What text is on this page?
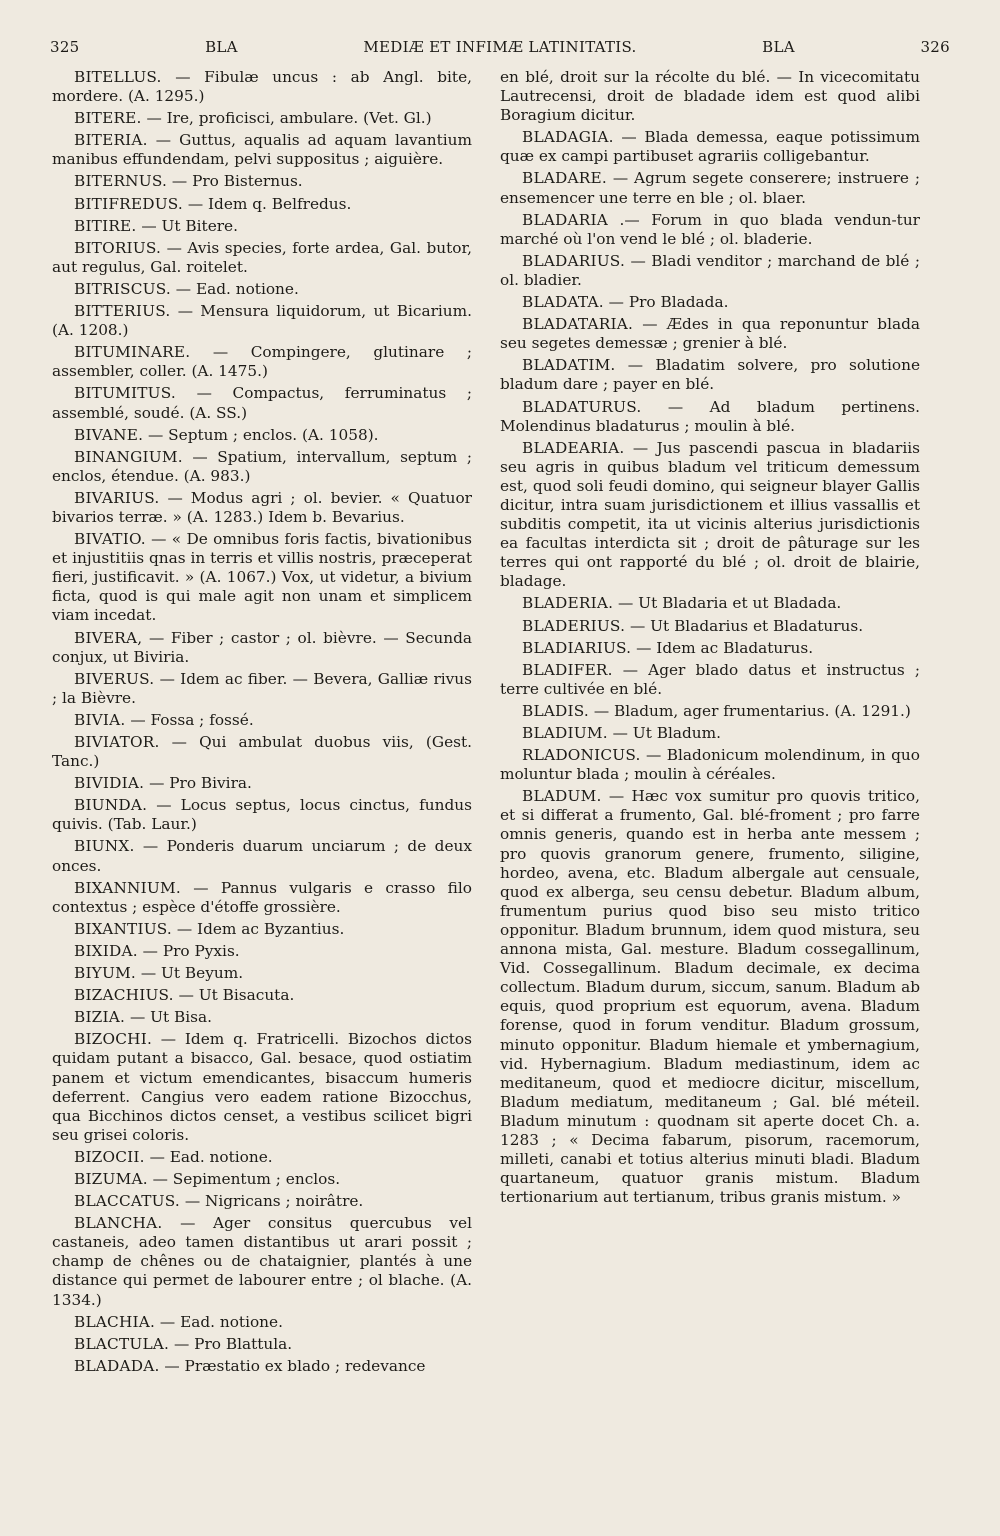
325	BLA	MEDIÆ ET INFIMÆ LATINITATIS.	BLA	326

BITELLUS. — Fibulæ uncus : ab Angl. bite, mordere. (A. 1295.)

BITERE. — Ire, proficisci, ambulare. (Vet. Gl.)

BITERIA. — Guttus, aqualis ad aquam lavantium manibus effundendam, pelvi suppositus ; aiguière.

BITERNUS. — Pro Bisternus.

BITIFREDUS. — Idem q. Belfredus.

BITIRE. — Ut Bitere.

BITORIUS. — Avis species, forte ardea, Gal. butor, aut regulus, Gal. roitelet.

BITRISCUS. — Ead. notione.

BITTERIUS. — Mensura liquidorum, ut Bicarium. (A. 1208.)

BITUMINARE. — Compingere, glutinare ; assembler, coller. (A. 1475.)

BITUMITUS. — Compactus, ferruminatus ; assemblé, soudé. (A. SS.)

BIVANE. — Septum ; enclos. (A. 1058).

BINANGIUM. — Spatium, intervallum, septum ; enclos, étendue. (A. 983.)

BIVARIUS. — Modus agri ; ol. bevier. « Quatuor bivarios terræ. » (A. 1283.) Idem b. Bevarius.

BIVATIO. — « De omnibus foris factis, bivationibus et injustitiis qnas in terris et villis nostris, præceperat fieri, justificavit. » (A. 1067.) Vox, ut videtur, a bivium ficta, quod is qui male agit non unam et simplicem viam incedat.

BIVERA, — Fiber ; castor ; ol. bièvre. — Secunda conjux, ut Biviria.

BIVERUS. — Idem ac fiber. — Bevera, Galliæ rivus ; la Bièvre.

BIVIA. — Fossa ; fossé.

BIVIATOR. — Qui ambulat duobus viis, (Gest. Tanc.)

BIVIDIA. — Pro Bivira.

BIUNDA. — Locus septus, locus cinctus, fundus quivis. (Tab. Laur.)

BIUNX. — Ponderis duarum unciarum ; de deux onces.

BIXANNIUM. — Pannus vulgaris e crasso filo contextus ; espèce d'étoffe grossière.

BIXANTIUS. — Idem ac Byzantius.

BIXIDA. — Pro Pyxis.

BIYUM. — Ut Beyum.

BIZACHIUS. — Ut Bisacuta.

BIZIA. — Ut Bisa.

BIZOCHI. — Idem q. Fratricelli. Bizochos dictos quidam putant a bisacco, Gal. besace, quod ostiatim panem et victum emendicantes, bisaccum humeris deferrent. Cangius vero eadem ratione Bizocchus, qua Bicchinos dictos censet, a vestibus scilicet bigri seu grisei coloris.

BIZOCII. — Ead. notione.

BIZUMA. — Sepimentum ; enclos.

BLACCATUS. — Nigricans ; noirâtre.

BLANCHA. — Ager consitus quercubus vel castaneis, adeo tamen distantibus ut arari possit ; champ de chênes ou de chataignier, plantés à une distance qui permet de labourer entre ; ol blache. (A. 1334.)

BLACHIA. — Ead. notione.

BLACTULA. — Pro Blattula.

BLADADA. — Præstatio ex blado ; redevance

en blé, droit sur la récolte du blé. — In vicecomitatu Lautrecensi, droit de bladade idem est quod alibi Boragium dicitur.

BLADAGIA. — Blada demessa, eaque potissimum quæ ex campi partibuset agrariis colligebantur.

BLADARE. — Agrum segete conserere; instruere ; ensemencer une terre en ble ; ol. blaer.

BLADARIA .— Forum in quo blada vendun-tur marché où l'on vend le blé ; ol. bladerie.

BLADARIUS. — Bladi venditor ; marchand de blé ; ol. bladier.

BLADATA. — Pro Bladada.

BLADATARIA. — Ædes in qua reponuntur blada seu segetes demessæ ; grenier à blé.

BLADATIM. — Bladatim solvere, pro solutione bladum dare ; payer en blé.

BLADATURUS. — Ad bladum pertinens. Molendinus bladaturus ; moulin à blé.

BLADEARIA. — Jus pascendi pascua in bladariis seu agris in quibus bladum vel triticum demessum est, quod soli feudi domino, qui seigneur blayer Gallis dicitur, intra suam jurisdictionem et illius vassallis et subditis competit, ita ut vicinis alterius jurisdictionis ea facultas interdicta sit ; droit de pâturage sur les terres qui ont rapporté du blé ; ol. droit de blairie, bladage.

BLADERIA. — Ut Bladaria et ut Bladada.

BLADERIUS. — Ut Bladarius et Bladaturus.

BLADIARIUS. — Idem ac Bladaturus.

BLADIFER. — Ager blado datus et instructus ; terre cultivée en blé.

BLADIS. — Bladum, ager frumentarius. (A. 1291.)

BLADIUM. — Ut Bladum.

RLADONICUS. — Bladonicum molendinum, in quo moluntur blada ; moulin à céréales.

BLADUM. — Hæc vox sumitur pro quovis tritico, et si differat a frumento, Gal. blé-froment ; pro farre omnis generis, quando est in herba ante messem ; pro quovis granorum genere, frumento, siligine, hordeo, avena, etc. Bladum albergale aut censuale, quod ex alberga, seu censu debetur. Bladum album, frumentum purius quod biso seu misto tritico opponitur. Bladum brunnum, idem quod mistura, seu annona mista, Gal. mesture. Bladum cossegallinum, Vid. Cossegallinum. Bladum decimale, ex decima collectum. Bladum durum, siccum, sanum. Bladum ab equis, quod proprium est equorum, avena. Bladum forense, quod in forum venditur. Bladum grossum, minuto opponitur. Bladum hiemale et ymbernagium, vid. Hybernagium. Bladum mediastinum, idem ac meditaneum, quod et mediocre dicitur, miscellum, Bladum mediatum, meditaneum ; Gal. blé méteil. Bladum minutum : quodnam sit aperte docet Ch. a. 1283 ; « Decima fabarum, pisorum, racemorum, milleti, canabi et totius alterius minuti bladi. Bladum quartaneum, quatuor granis mistum. Bladum tertionarium aut tertianum, tribus granis mistum. »
